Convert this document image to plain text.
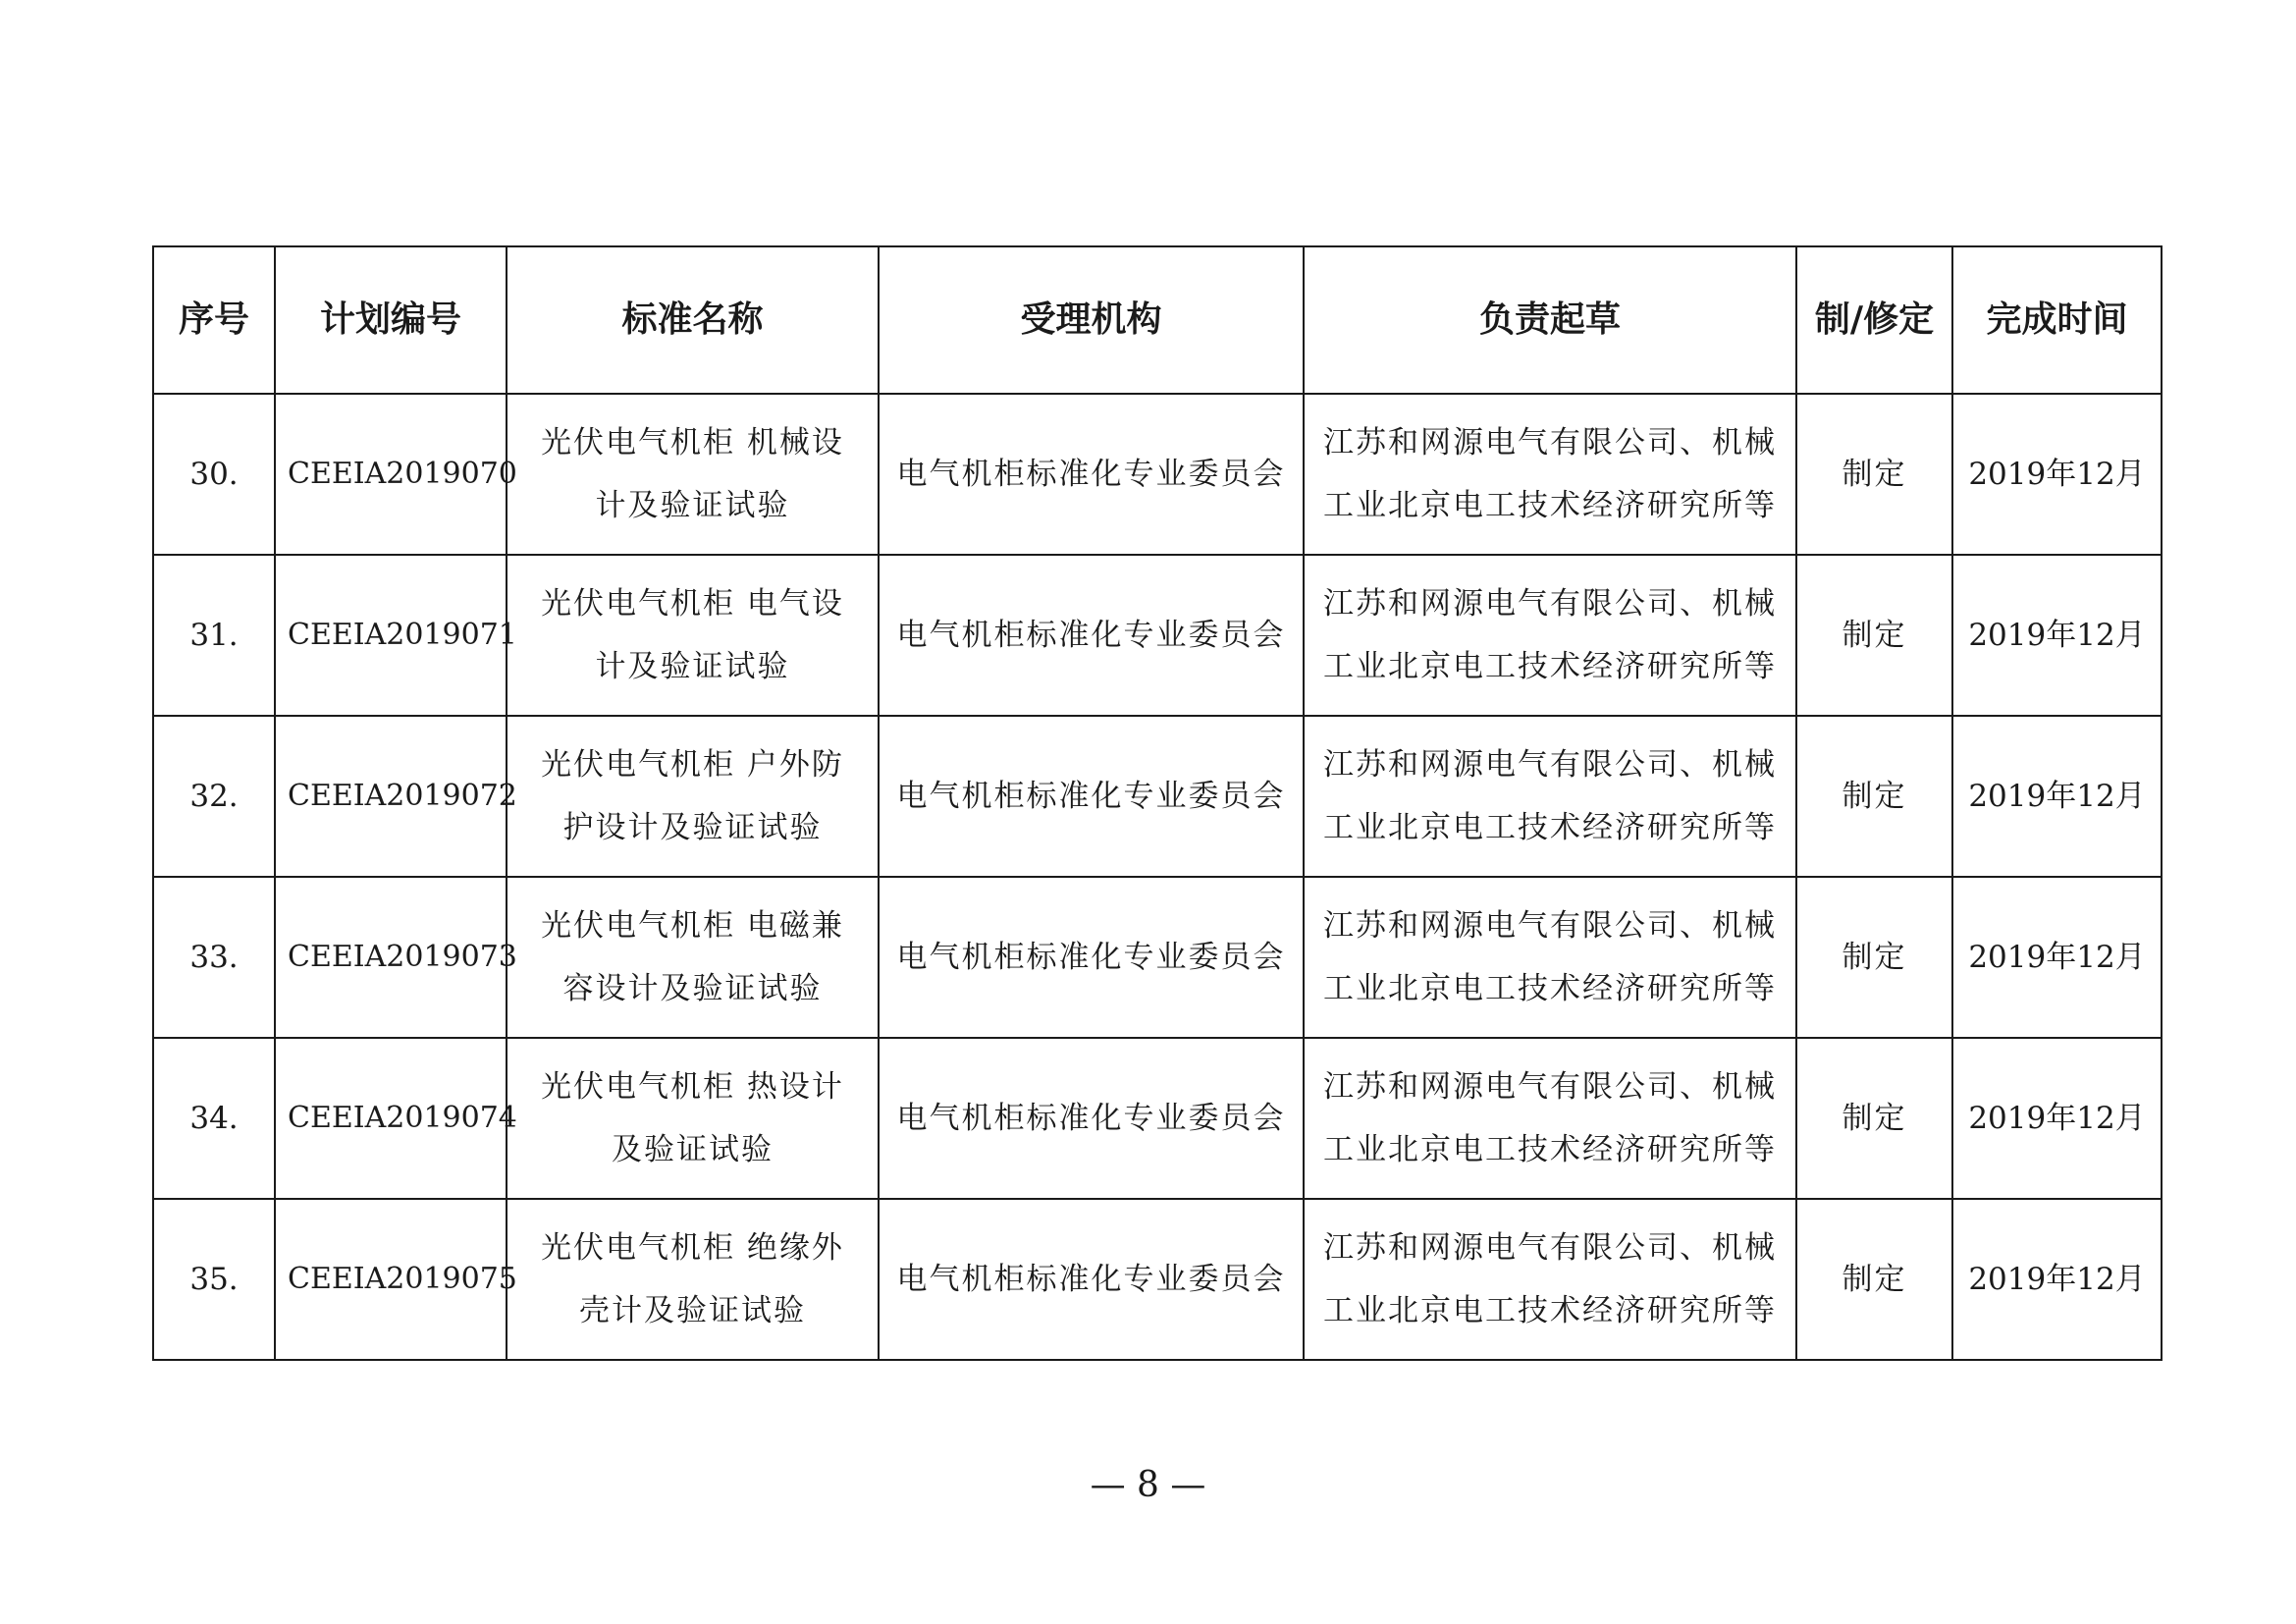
序号	计划编号	标准名称	受理机构	负责起草	制/修定	完成时间
30.	CEEIA2019070	光伏电气机柜 机械设计及验证试验	电气机柜标准化专业委员会	江苏和网源电气有限公司、机械工业北京电工技术经济研究所等	制定	2019年12月
31.	CEEIA2019071	光伏电气机柜 电气设计及验证试验	电气机柜标准化专业委员会	江苏和网源电气有限公司、机械工业北京电工技术经济研究所等	制定	2019年12月
32.	CEEIA2019072	光伏电气机柜 户外防护设计及验证试验	电气机柜标准化专业委员会	江苏和网源电气有限公司、机械工业北京电工技术经济研究所等	制定	2019年12月
33.	CEEIA2019073	光伏电气机柜 电磁兼容设计及验证试验	电气机柜标准化专业委员会	江苏和网源电气有限公司、机械工业北京电工技术经济研究所等	制定	2019年12月
34.	CEEIA2019074	光伏电气机柜 热设计及验证试验	电气机柜标准化专业委员会	江苏和网源电气有限公司、机械工业北京电工技术经济研究所等	制定	2019年12月
35.	CEEIA2019075	光伏电气机柜 绝缘外壳计及验证试验	电气机柜标准化专业委员会	江苏和网源电气有限公司、机械工业北京电工技术经济研究所等	制定	2019年12月
— 8 —
